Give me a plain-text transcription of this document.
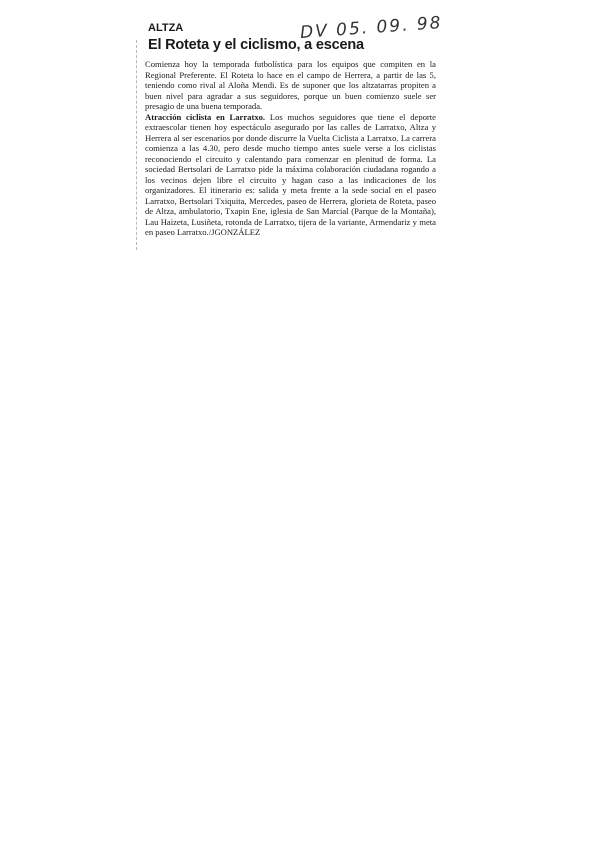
DV 05. 09. 98
ALTZA
El Roteta y el ciclismo, a escena

Comienza hoy la temporada futbolística para los equipos que compiten en la Regional Preferente. El Roteta lo hace en el campo de Herrera, a partir de las 5, teniendo como rival al Aloña Mendi. Es de suponer que los altzatarras propiten a buen nivel para agradar a sus seguidores, porque un buen comienzo suele ser presagio de una buena temporada.

Atracción ciclista en Larratxo. Los muchos seguidores que tiene el deporte extraescolar tienen hoy espectáculo asegurado por las calles de Larratxo, Altza y Herrera al ser escenarios por donde discurre la Vuelta Ciclista a Larratxo. La carrera comienza a las 4.30, pero desde mucho tiempo antes suele verse a los ciclistas reconociendo el circuito y calentando para comenzar en plenitud de forma. La sociedad Bertsolari de Larratxo pide la máxima colaboración ciudadana rogando a los vecinos dejen libre el circuito y hagan caso a las indicaciones de los organizadores. El itinerario es: salida y meta frente a la sede social en el paseo Larratxo, Bertsolari Txiquita, Mercedes, paseo de Herrera, glorieta de Roteta, paseo de Altza, ambulatorio, Txapin Ene, iglesia de San Marcial (Parque de la Montaña), Lau Haizeta, Lusiñeta, rotonda de Larratxo, tijera de la variante, Armendariz y meta en paseo Larratxo./JGONZÁLEZ
